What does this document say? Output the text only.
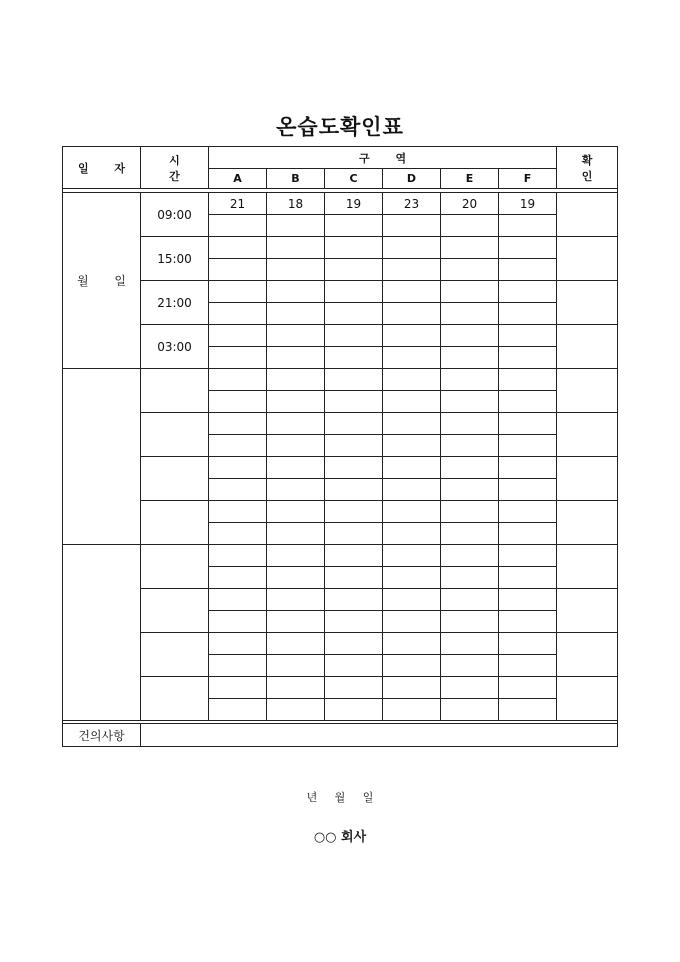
온습도확인표
일 자	시 간	구 역						확 인
		A	B	C	D	E	F	

월 일	09:00	21	18	19	23	20	19	

	15:00							

	21:00							

	03:00							

건의사항								
년 월 일
○○ 회사
